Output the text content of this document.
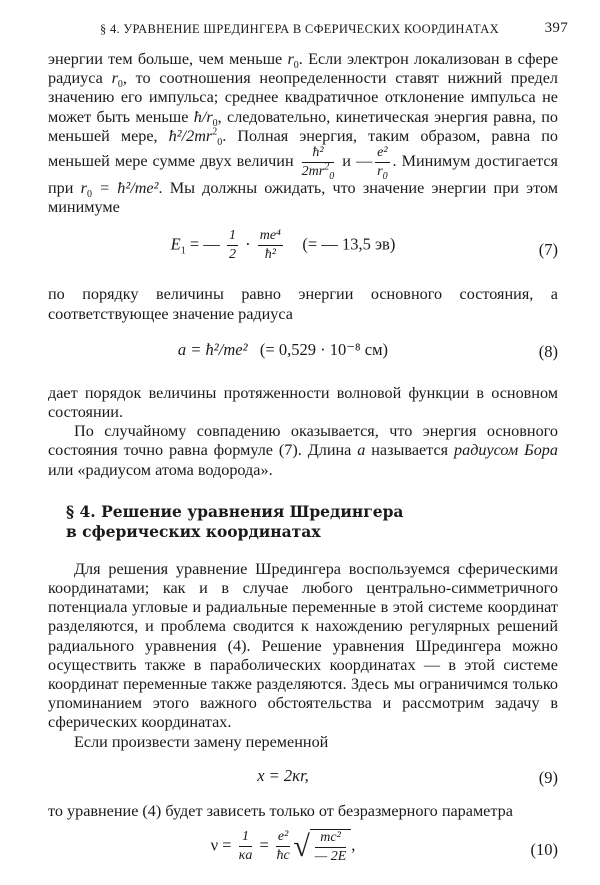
§ 4. УРАВНЕНИЕ ШРЕДИНГЕРА В СФЕРИЧЕСКИХ КООРДИНАТАХ	397

энергии тем больше, чем меньше $r_0$. Если электрон локализован в сфере радиуса $r_0$, то соотношения неопределенности ставят нижний предел значению его импульса; среднее квадратичное отклонение импульса не может быть меньше $ħ/r_0$, следовательно, кинетическая энергия равна, по меньшей мере, $ħ^2/2mr^2_0$. Полная энергия, таким образом, равна по меньшей мере сумме двух величин $\frac{\text{ħ²}}{2mr^2_0}$ и — $\frac{\text{e²}}{r_0}$ . Минимум достигается при $r_0$ = ħ²/me². Мы должны ожидать, что значение энергии при этом минимуме

$E_1$ = — $\frac{1}{2} \cdot \frac{\text{me⁴}}{\text{ħ²}}$ (= — 13,5 эв)	(7)

по порядку величины равно энергии основного состояния, а соответствующее значение радиуса

a = ħ²/me² (= 0,529 · 10⁻⁸ см)	(8)

дает порядок величины протяженности волновой функции в основном состоянии.

По случайному совпадению оказывается, что энергия основного состояния точно равна формуле (7). Длина a называется радиусом Бора или «радиусом атома водорода».

§ 4. Решение уравнения Шредингера
в сферических координатах

Для решения уравнение Шредингера воспользуемся сферическими координатами; как и в случае любого центрально-симметричного потенциала угловые и радиальные переменные в этой системе координат разделяются, и проблема сводится к нахождению регулярных решений радиального уравнения (4). Решение уравнения Шредингера можно осуществить также в параболических координатах — в этой системе координат переменные также разделяются. Здесь мы ограничимся только упоминанием этого важного обстоятельства и рассмотрим задачу в сферических координатах.

Если произвести замену переменной

x = 2κr,	(9)

то уравнение (4) будет зависеть только от безразмерного параметра

$\nu = \frac{1}{\kappa a} = \frac{\text{e²}}{ħc}$ √ $\frac{\text{mc²}}{— 2E}$ ,	(10)
